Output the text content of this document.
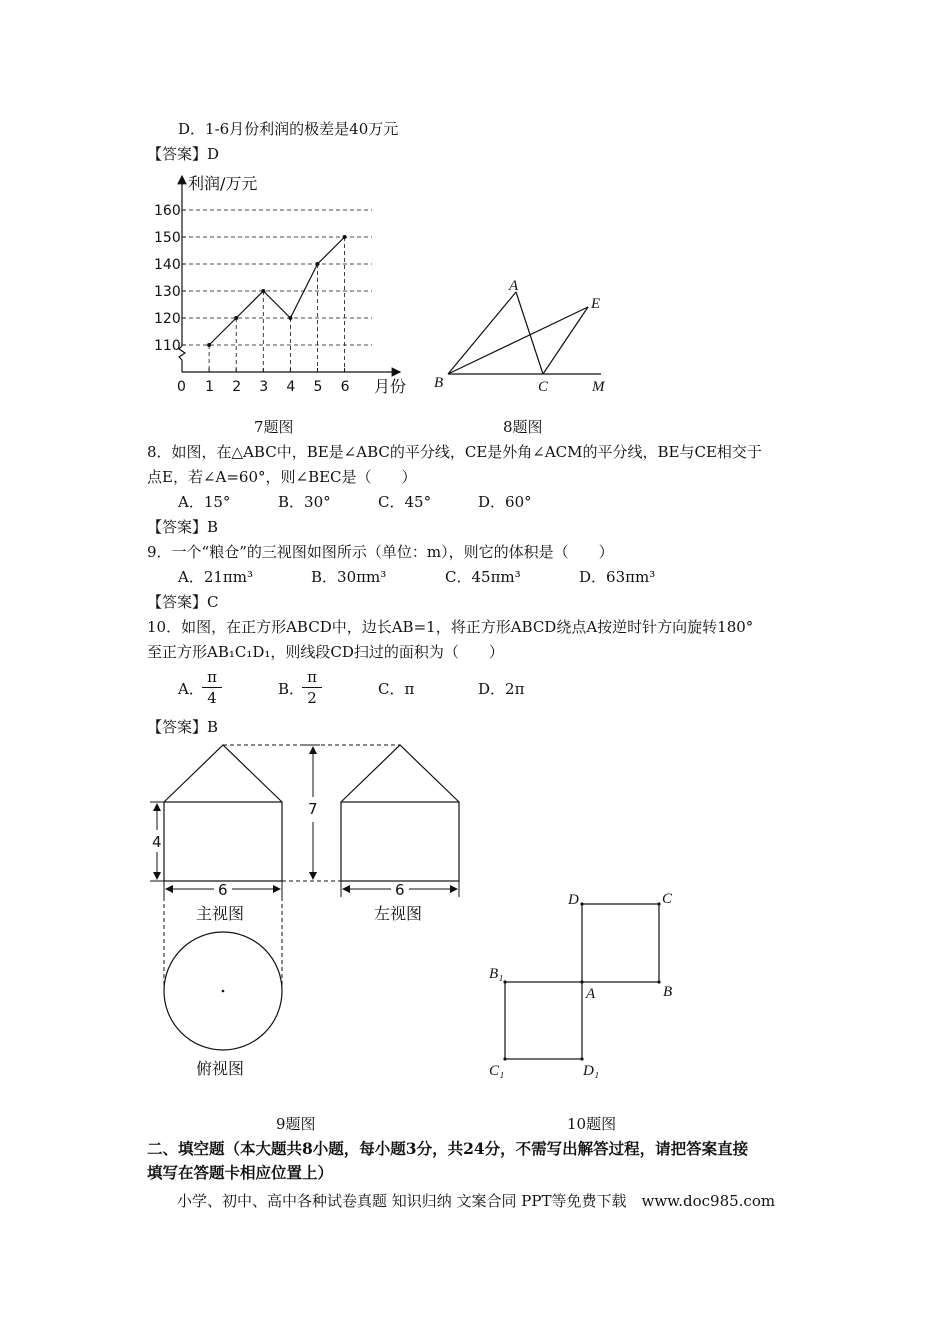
D．1-6月份利润的极差是40万元
【答案】D
110
120
130
140
150
160
1 2 3 4 5 6
0
利润/万元
月份
7题图
A
E
B	C	M
8题图
8．如图，在△ABC中，BE是∠ABC的平分线，CE是外角∠ACM的平分线，BE与CE相交于
点E，若∠A=60°，则∠BEC是（　　）
A．15°	B．30°	C．45°	D．60°
【答案】B
9．一个“粮仓”的三视图如图所示（单位：m），则它的体积是（　　）
A．21πm³	B．30πm³	C．45πm³	D．63πm³
【答案】C
10．如图，在正方形ABCD中，边长AB=1，将正方形ABCD绕点A按逆时针方向旋转180°
至正方形AB₁C₁D₁，则线段CD扫过的面积为（　　）
A．
$\frac{\pi}{4}$	B．
$\frac{\pi}{2}$	C．π	D．2π
【答案】B
4
7
6	6
主视图	左视图
俯视图
D	C
B₁
A	B
C₁	D₁
9题图	10题图
二、填空题（本大题共8小题，每小题3分，共24分，不需写出解答过程，请把答案直接
填写在答题卡相应位置上）
小学、初中、高中各种试卷真题 知识归纳 文案合同 PPT等免费下载　www.doc985.com
